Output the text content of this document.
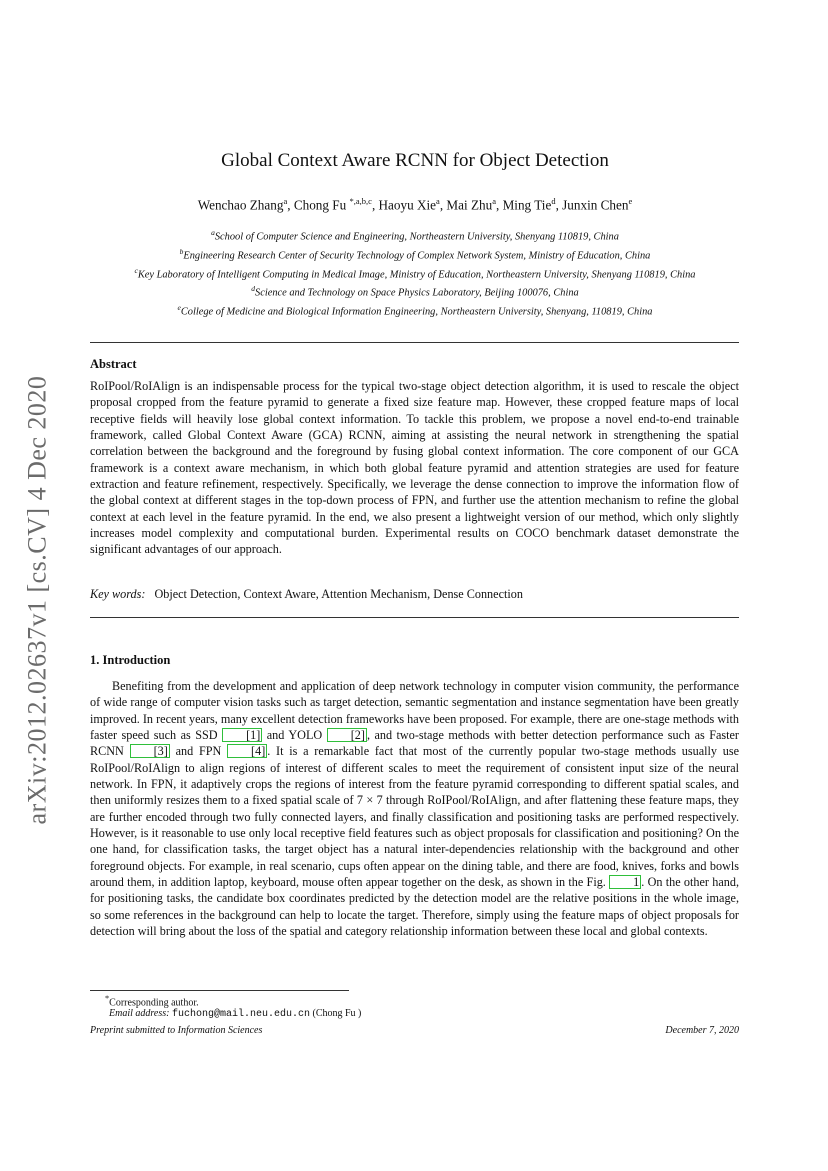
arXiv:2012.02637v1 [cs.CV] 4 Dec 2020
Global Context Aware RCNN for Object Detection
Wenchao Zhang$^a$, Chong Fu $^{*,a,b,c}$, Haoyu Xie$^a$, Mai Zhu$^a$, Ming Tie$^d$, Junxin Chen$^e$
$^a$School of Computer Science and Engineering, Northeastern University, Shenyang 110819, China
$^b$Engineering Research Center of Security Technology of Complex Network System, Ministry of Education, China
$^c$Key Laboratory of Intelligent Computing in Medical Image, Ministry of Education, Northeastern University, Shenyang 110819, China
$^d$Science and Technology on Space Physics Laboratory, Beijing 100076, China
$^e$College of Medicine and Biological Information Engineering, Northeastern University, Shenyang, 110819, China
Abstract
RoIPool/RoIAlign is an indispensable process for the typical two-stage object detection algorithm, it is used to rescale the object proposal cropped from the feature pyramid to generate a fixed size feature map. However, these cropped feature maps of local receptive fields will heavily lose global context information. To tackle this problem, we propose a novel end-to-end trainable framework, called Global Context Aware (GCA) RCNN, aiming at assisting the neural network in strengthening the spatial correlation between the background and the foreground by fusing global context information. The core component of our GCA framework is a context aware mechanism, in which both global feature pyramid and attention strategies are used for feature extraction and feature refinement, respectively. Specifically, we leverage the dense connection to improve the information flow of the global context at different stages in the top-down process of FPN, and further use the attention mechanism to refine the global context at each level in the feature pyramid. In the end, we also present a lightweight version of our method, which only slightly increases model complexity and computational burden. Experimental results on COCO benchmark dataset demonstrate the significant advantages of our approach.
Key words: Object Detection, Context Aware, Attention Mechanism, Dense Connection
1. Introduction

Benefiting from the development and application of deep network technology in computer vision community, the performance of wide range of computer vision tasks such as target detection, semantic segmentation and instance segmentation have been greatly improved. In recent years, many excellent detection frameworks have been proposed. For example, there are one-stage methods with faster speed such as SSD [1] and YOLO [2] , and two-stage methods with better detection performance such as Faster RCNN [3] and FPN [4] . It is a remarkable fact that most of the currently popular two-stage methods usually use RoIPool/RoIAlign to align regions of interest of different scales to meet the requirement of consistent input size of the neural network. In FPN, it adaptively crops the regions of interest from the feature pyramid corresponding to different spatial scales, and then uniformly resizes them to a fixed spatial scale of 7 × 7 through RoIPool/RoIAlign, and after flattening these feature maps, they are further encoded through two fully connected layers, and finally classification and positioning tasks are performed respectively. However, is it reasonable to use only local receptive field features such as object proposals for classification and positioning? On the one hand, for classification tasks, the target object has a natural inter-dependencies relationship with the background and other foreground objects. For example, in real scenario, cups often appear on the dining table, and there are food, knives, forks and bowls around them, in addition laptop, keyboard, mouse often appear together on the desk, as shown in the Fig. 1 . On the other hand, for positioning tasks, the candidate box coordinates predicted by the detection model are the relative positions in the whole image, so some references in the background can help to locate the target. Therefore, simply using the feature maps of object proposals for detection will bring about the loss of the spatial and category relationship information between these local and global contexts.

*Corresponding author.
Email address: fuchong@mail.neu.edu.cn (Chong Fu )
Preprint submitted to Information Sciences	December 7, 2020
